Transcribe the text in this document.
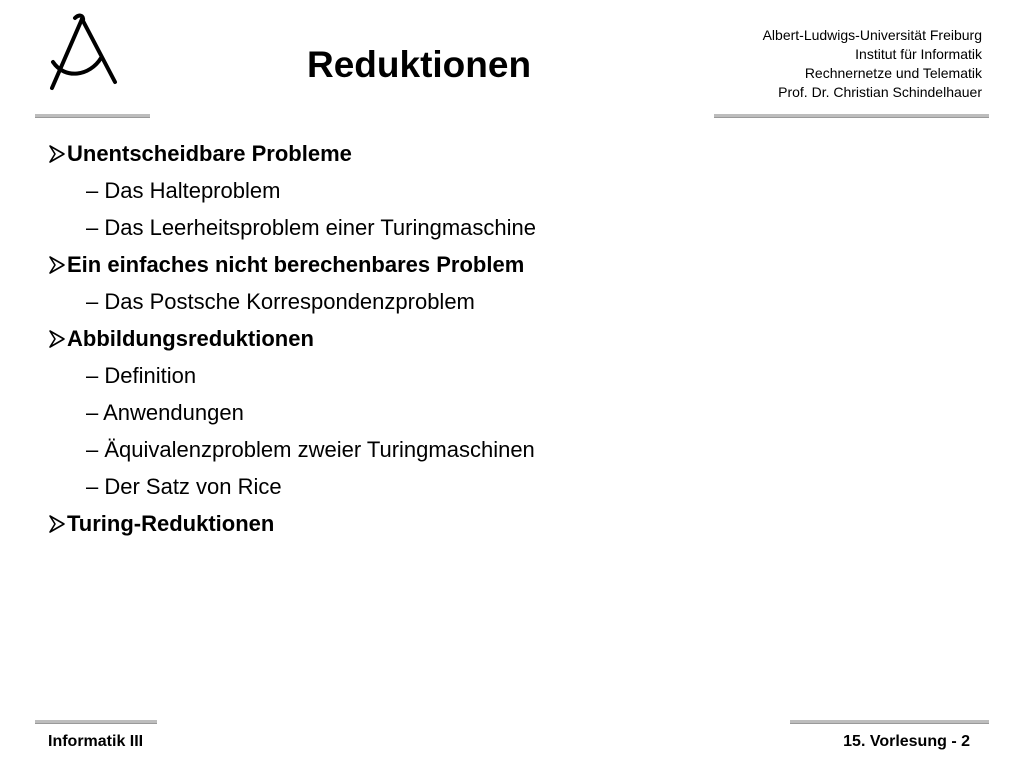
Reduktionen
Albert-Ludwigs-Universität Freiburg
Institut für Informatik
Rechnernetze und Telematik
Prof. Dr. Christian Schindelhauer
Unentscheidbare Probleme
– Das Halteproblem
– Das Leerheitsproblem einer Turingmaschine
Ein einfaches nicht berechenbares Problem
– Das Postsche Korrespondenzproblem
Abbildungsreduktionen
– Definition
– Anwendungen
– Äquivalenzproblem zweier Turingmaschinen
– Der Satz von Rice
Turing-Reduktionen
Informatik III	15. Vorlesung - 2
